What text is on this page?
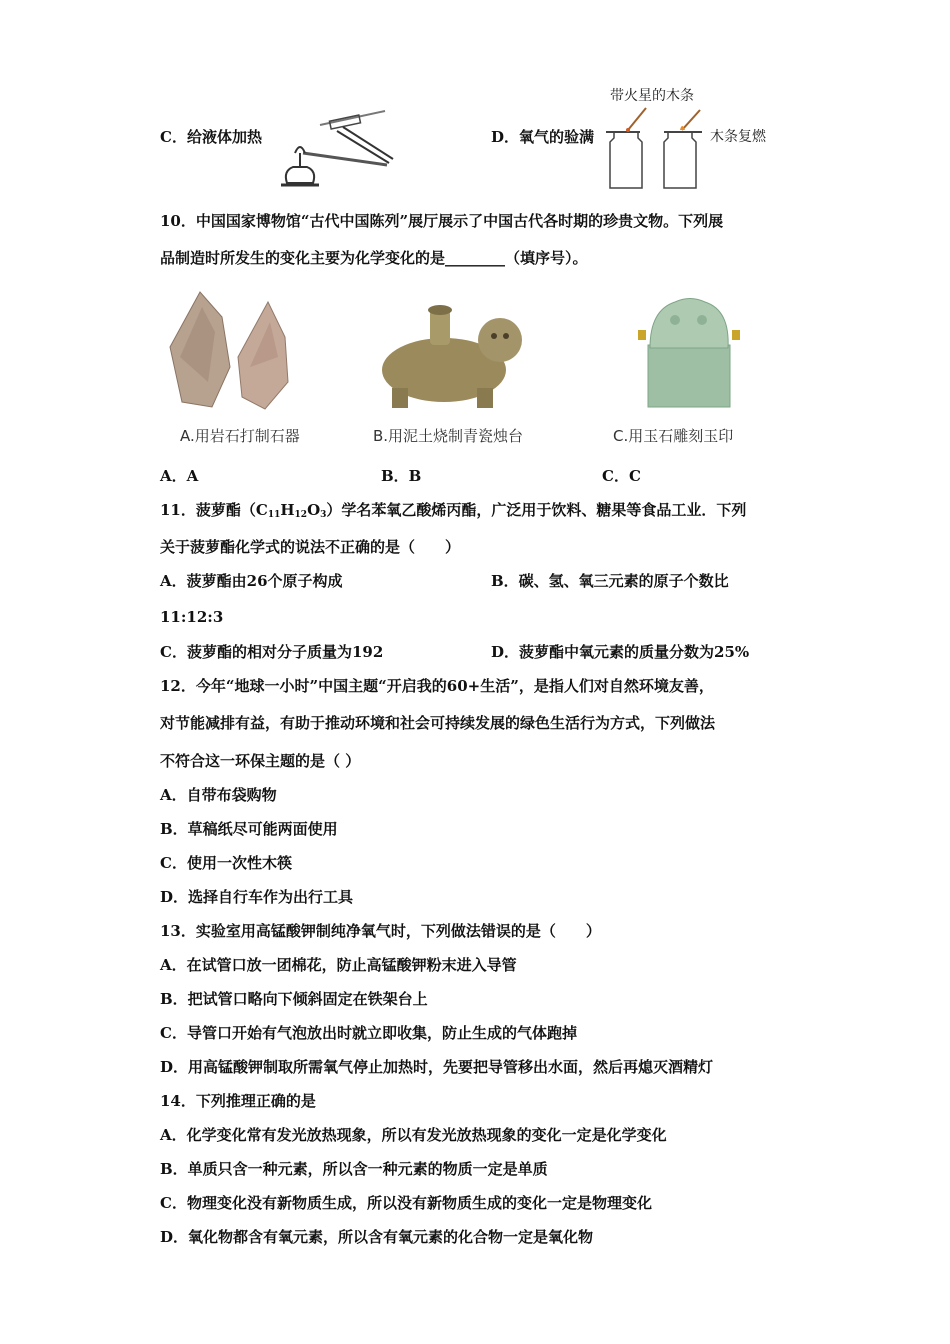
C．给液体加热	D．氧气的验满
带火星的木条
木条复燃
10．中国国家博物馆“古代中国陈列”展厅展示了中国古代各时期的珍贵文物。下列展
品制造时所发生的变化主要为化学变化的是________（填序号）。
A.用岩石打制石器	B.用泥土烧制青瓷烛台	C.用玉石雕刻玉印
A．A	B．B	C．C
11．菠萝酯$(C_{11}H_{12}O_3)$学名苯氧乙酸烯丙酯，广泛用于饮料、糖果等食品工业．下列
关于菠萝酯化学式的说法不正确的是（　　）
A．菠萝酯由26个原子构成	B．碳、氢、氧三元素的原子个数比
11:12:3
C．菠萝酯的相对分子质量为192	D．菠萝酯中氧元素的质量分数为25%
12．今年“地球一小时”中国主题“开启我的60+生活”，是指人们对自然环境友善，
对节能减排有益，有助于推动环境和社会可持续发展的绿色生活行为方式，下列做法
不符合这一环保主题的是（ ）
A．自带布袋购物
B．草稿纸尽可能两面使用
C．使用一次性木筷
D．选择自行车作为出行工具
13．实验室用高锰酸钾制纯净氧气时，下列做法错误的是（　　）
A．在试管口放一团棉花，防止高锰酸钾粉末进入导管
B．把试管口略向下倾斜固定在铁架台上
C．导管口开始有气泡放出时就立即收集，防止生成的气体跑掉
D．用高锰酸钾制取所需氧气停止加热时，先要把导管移出水面，然后再熄灭酒精灯
14．下列推理正确的是
A．化学变化常有发光放热现象，所以有发光放热现象的变化一定是化学变化
B．单质只含一种元素，所以含一种元素的物质一定是单质
C．物理变化没有新物质生成，所以没有新物质生成的变化一定是物理变化
D．氧化物都含有氧元素，所以含有氧元素的化合物一定是氧化物
